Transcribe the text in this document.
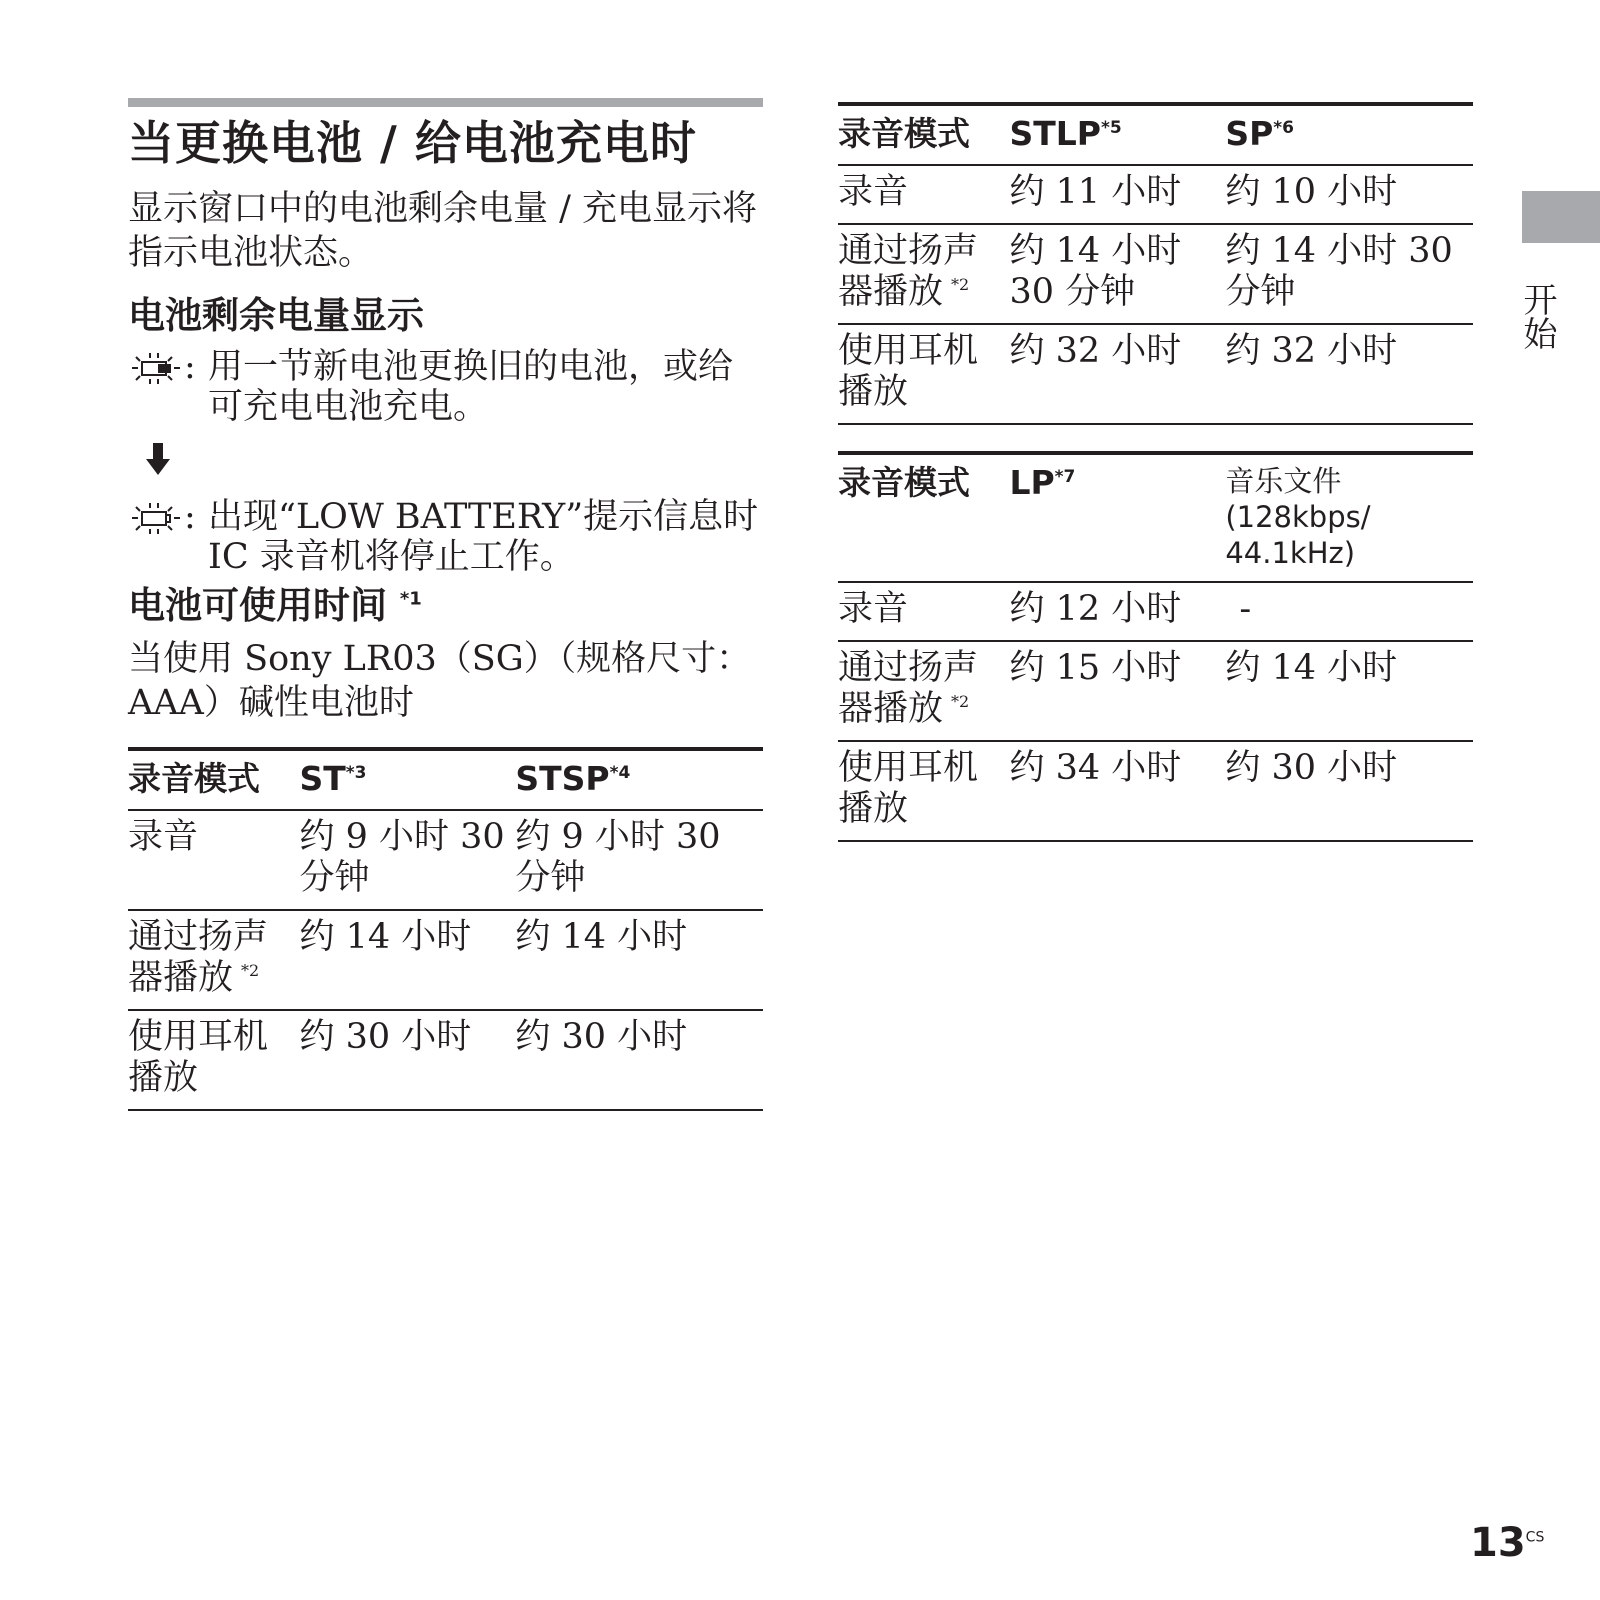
当更换电池 / 给电池充电时

显示窗口中的电池剩余电量 / 充电显示将指示电池状态。

电池剩余电量显示
: 用一节新电池更换旧的电池，或给可充电电池充电。
: 出现“LOW BATTERY”提示信息时 IC 录音机将停止工作。
电池可使用时间 $^{*1}$

当使用 Sony LR03（SG）（规格尺寸：AAA）碱性电池时

录音模式	ST$^{*3}$	STSP$^{*4}$
录音	约 9 小时 30 分钟	约 9 小时 30 分钟
通过扬声器播放 $^{*2}$	约 14 小时	约 14 小时
使用耳机播放	约 30 小时	约 30 小时
录音模式	STLP$^{*5}$	SP$^{*6}$
录音	约 11 小时	约 10 小时
通过扬声器播放 $^{*2}$	约 14 小时 30 分钟	约 14 小时 30 分钟
使用耳机播放	约 32 小时	约 32 小时
录音模式	LP$^{*7}$	音乐文件 (128kbps/ 44.1kHz)
录音	约 12 小时	-
通过扬声器播放 $^{*2}$	约 15 小时	约 14 小时
使用耳机播放	约 34 小时	约 30 小时
开始
$13^{CS}$
